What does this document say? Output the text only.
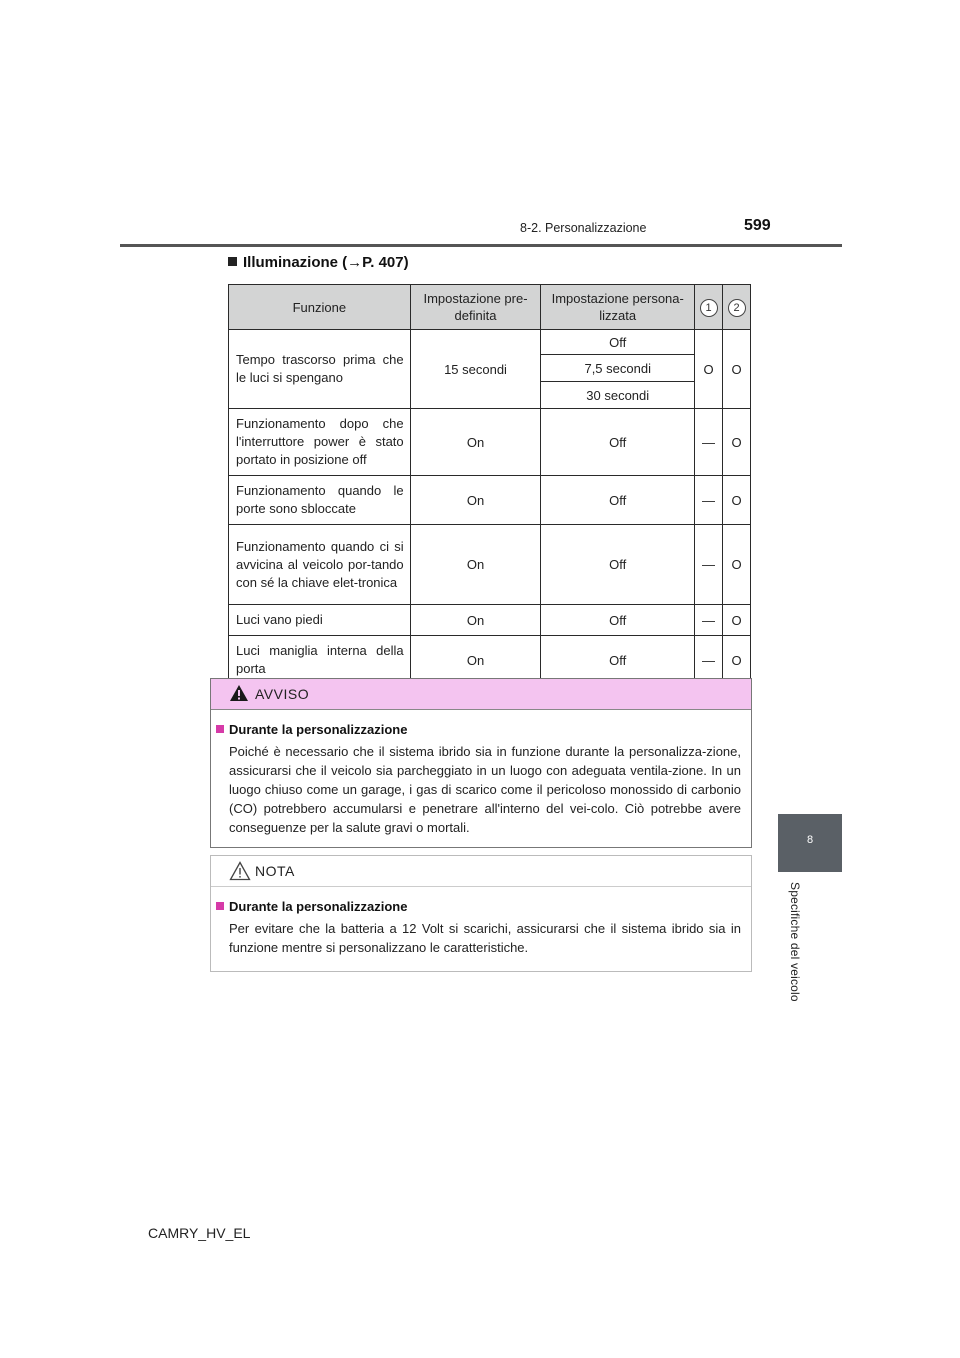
8-2. Personalizzazione	599
8
Specifiche del veicolo
Illuminazione (→P. 407)
Funzione	Impostazione pre-definita	Impostazione persona-lizzata	1	2
Tempo trascorso prima che le luci si spengano	15 secondi	Off	O	O
		7,5 secondi		
		30 secondi		
Funzionamento dopo che l'interruttore power è stato portato in posizione off	On	Off	—	O
Funzionamento quando le porte sono sbloccate	On	Off	—	O
Funzionamento quando ci si avvicina al veicolo por-tando con sé la chiave elet-tronica	On	Off	—	O
Luci vano piedi	On	Off	—	O
Luci maniglia interna della porta	On	Off	—	O
AVVISO
Durante la personalizzazione
Poiché è necessario che il sistema ibrido sia in funzione durante la personalizza-zione, assicurarsi che il veicolo sia parcheggiato in un luogo con adeguata ventila-zione. In un luogo chiuso come un garage, i gas di scarico come il pericoloso monossido di carbonio (CO) potrebbero accumularsi e penetrare all'interno del vei-colo. Ciò potrebbe avere conseguenze per la salute gravi o mortali.
NOTA
Durante la personalizzazione
Per evitare che la batteria a 12 Volt si scarichi, assicurarsi che il sistema ibrido sia in funzione mentre si personalizzano le caratteristiche.
CAMRY_HV_EL
